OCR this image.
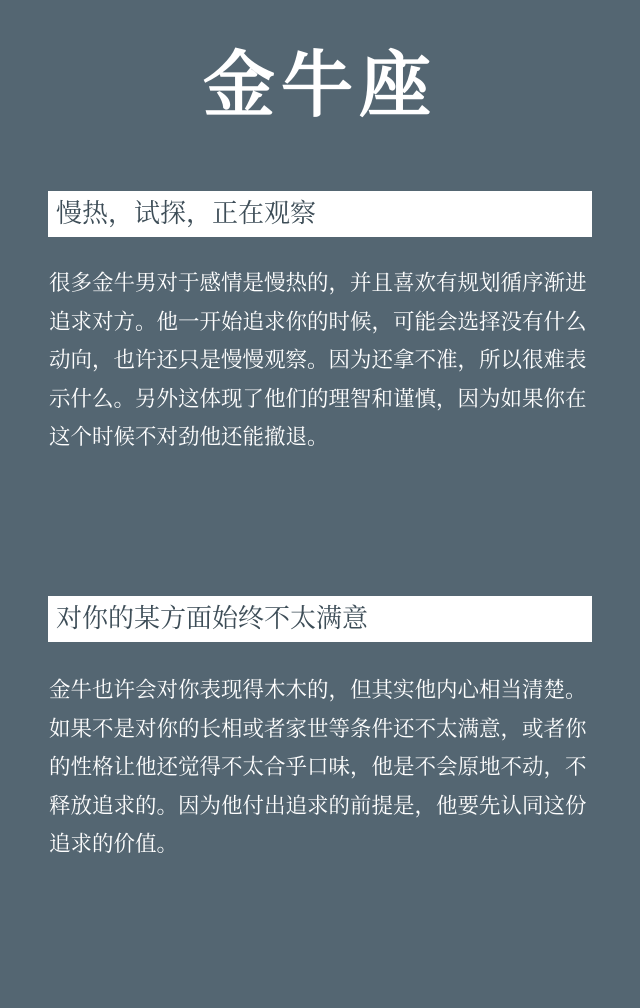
金牛座
慢热，试探，正在观察

很多金牛男对于感情是慢热的，并且喜欢有规划循序渐进追求对方。他一开始追求你的时候，可能会选择没有什么动向，也许还只是慢慢观察。因为还拿不准，所以很难表示什么。另外这体现了他们的理智和谨慎，因为如果你在这个时候不对劲他还能撤退。

对你的某方面始终不太满意

金牛也许会对你表现得木木的，但其实他内心相当清楚。如果不是对你的长相或者家世等条件还不太满意，或者你的性格让他还觉得不太合乎口味，他是不会原地不动，不释放追求的。因为他付出追求的前提是，他要先认同这份追求的价值。
